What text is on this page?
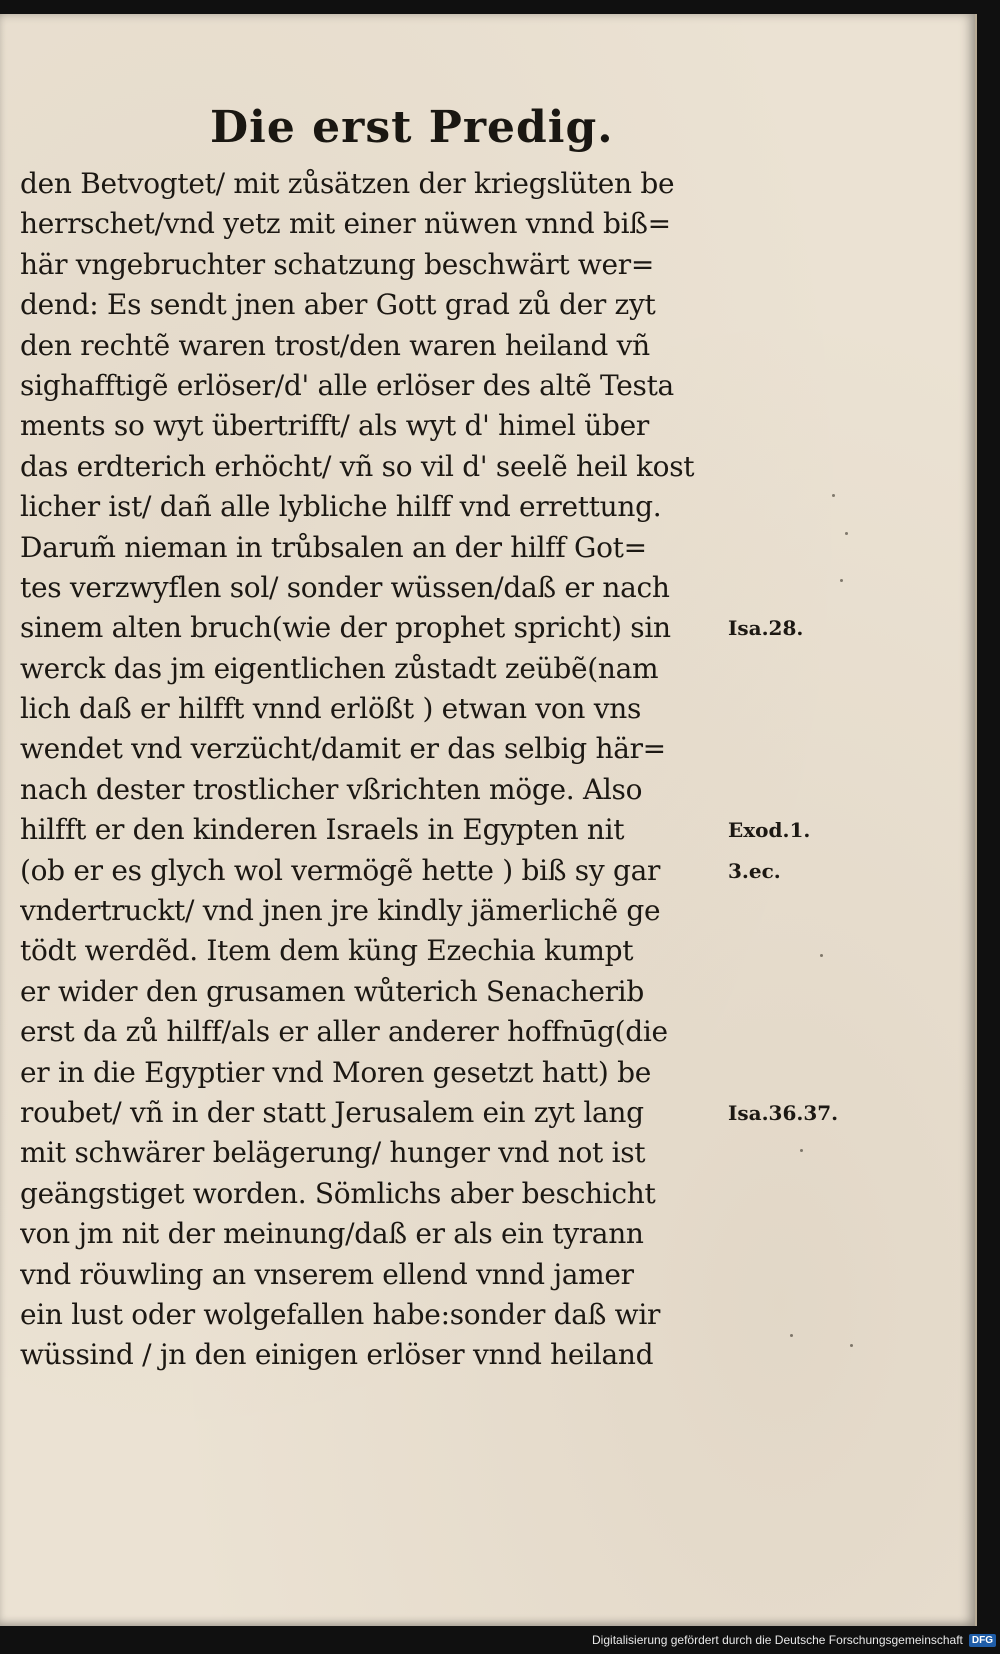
Die erst Predig.
den Betvogtet/ mit zůsätzen der kriegslüten be
herrschet/vnd yetz mit einer nüwen vnnd biß=
här vngebruchter schatzung beschwärt wer=
dend: Es sendt jnen aber Gott grad zů der zyt
den rechtẽ waren trost/den waren heiland vñ
sighafftigẽ erlöser/d' alle erlöser des altẽ Testa
ments so wyt übertrifft/ als wyt d' himel über
das erdterich erhöcht/ vñ so vil d' seelẽ heil kost
licher ist/ dañ alle lybliche hilff vnd errettung.
Darum̃ nieman in trůbsalen an der hilff Got=
tes verzwyflen sol/ sonder wüssen/daß er nach
sinem alten bruch(wie der prophet spricht) sin
werck das jm eigentlichen zůstadt zeübẽ(nam
lich daß er hilfft vnnd erlößt ) etwan von vns
wendet vnd verzücht/damit er das selbig här=
nach dester trostlicher vßrichten möge. Also
hilfft er den kinderen Israels in Egypten nit
(ob er es glych wol vermögẽ hette ) biß sy gar
vndertruckt/ vnd jnen jre kindly jämerlichẽ ge
tödt werdẽd. Item dem küng Ezechia kumpt
er wider den grusamen wůterich Senacherib
erst da zů hilff/als er aller anderer hoffnūg(die
er in die Egyptier vnd Moren gesetzt hatt) be
roubet/ vñ in der statt Jerusalem ein zyt lang
mit schwärer belägerung/ hunger vnd not ist
geängstiget worden. Sömlichs aber beschicht
von jm nit der meinung/daß er als ein tyrann
vnd röuwling an vnserem ellend vnnd jamer
ein lust oder wolgefallen habe:sonder daß wir
wüssind / jn den einigen erlöser vnnd heiland
Isa.28.
Exod.1.
3.ec.
Isa.36.37.
Digitalisierung gefördert durch die Deutsche Forschungsgemeinschaft DFG
